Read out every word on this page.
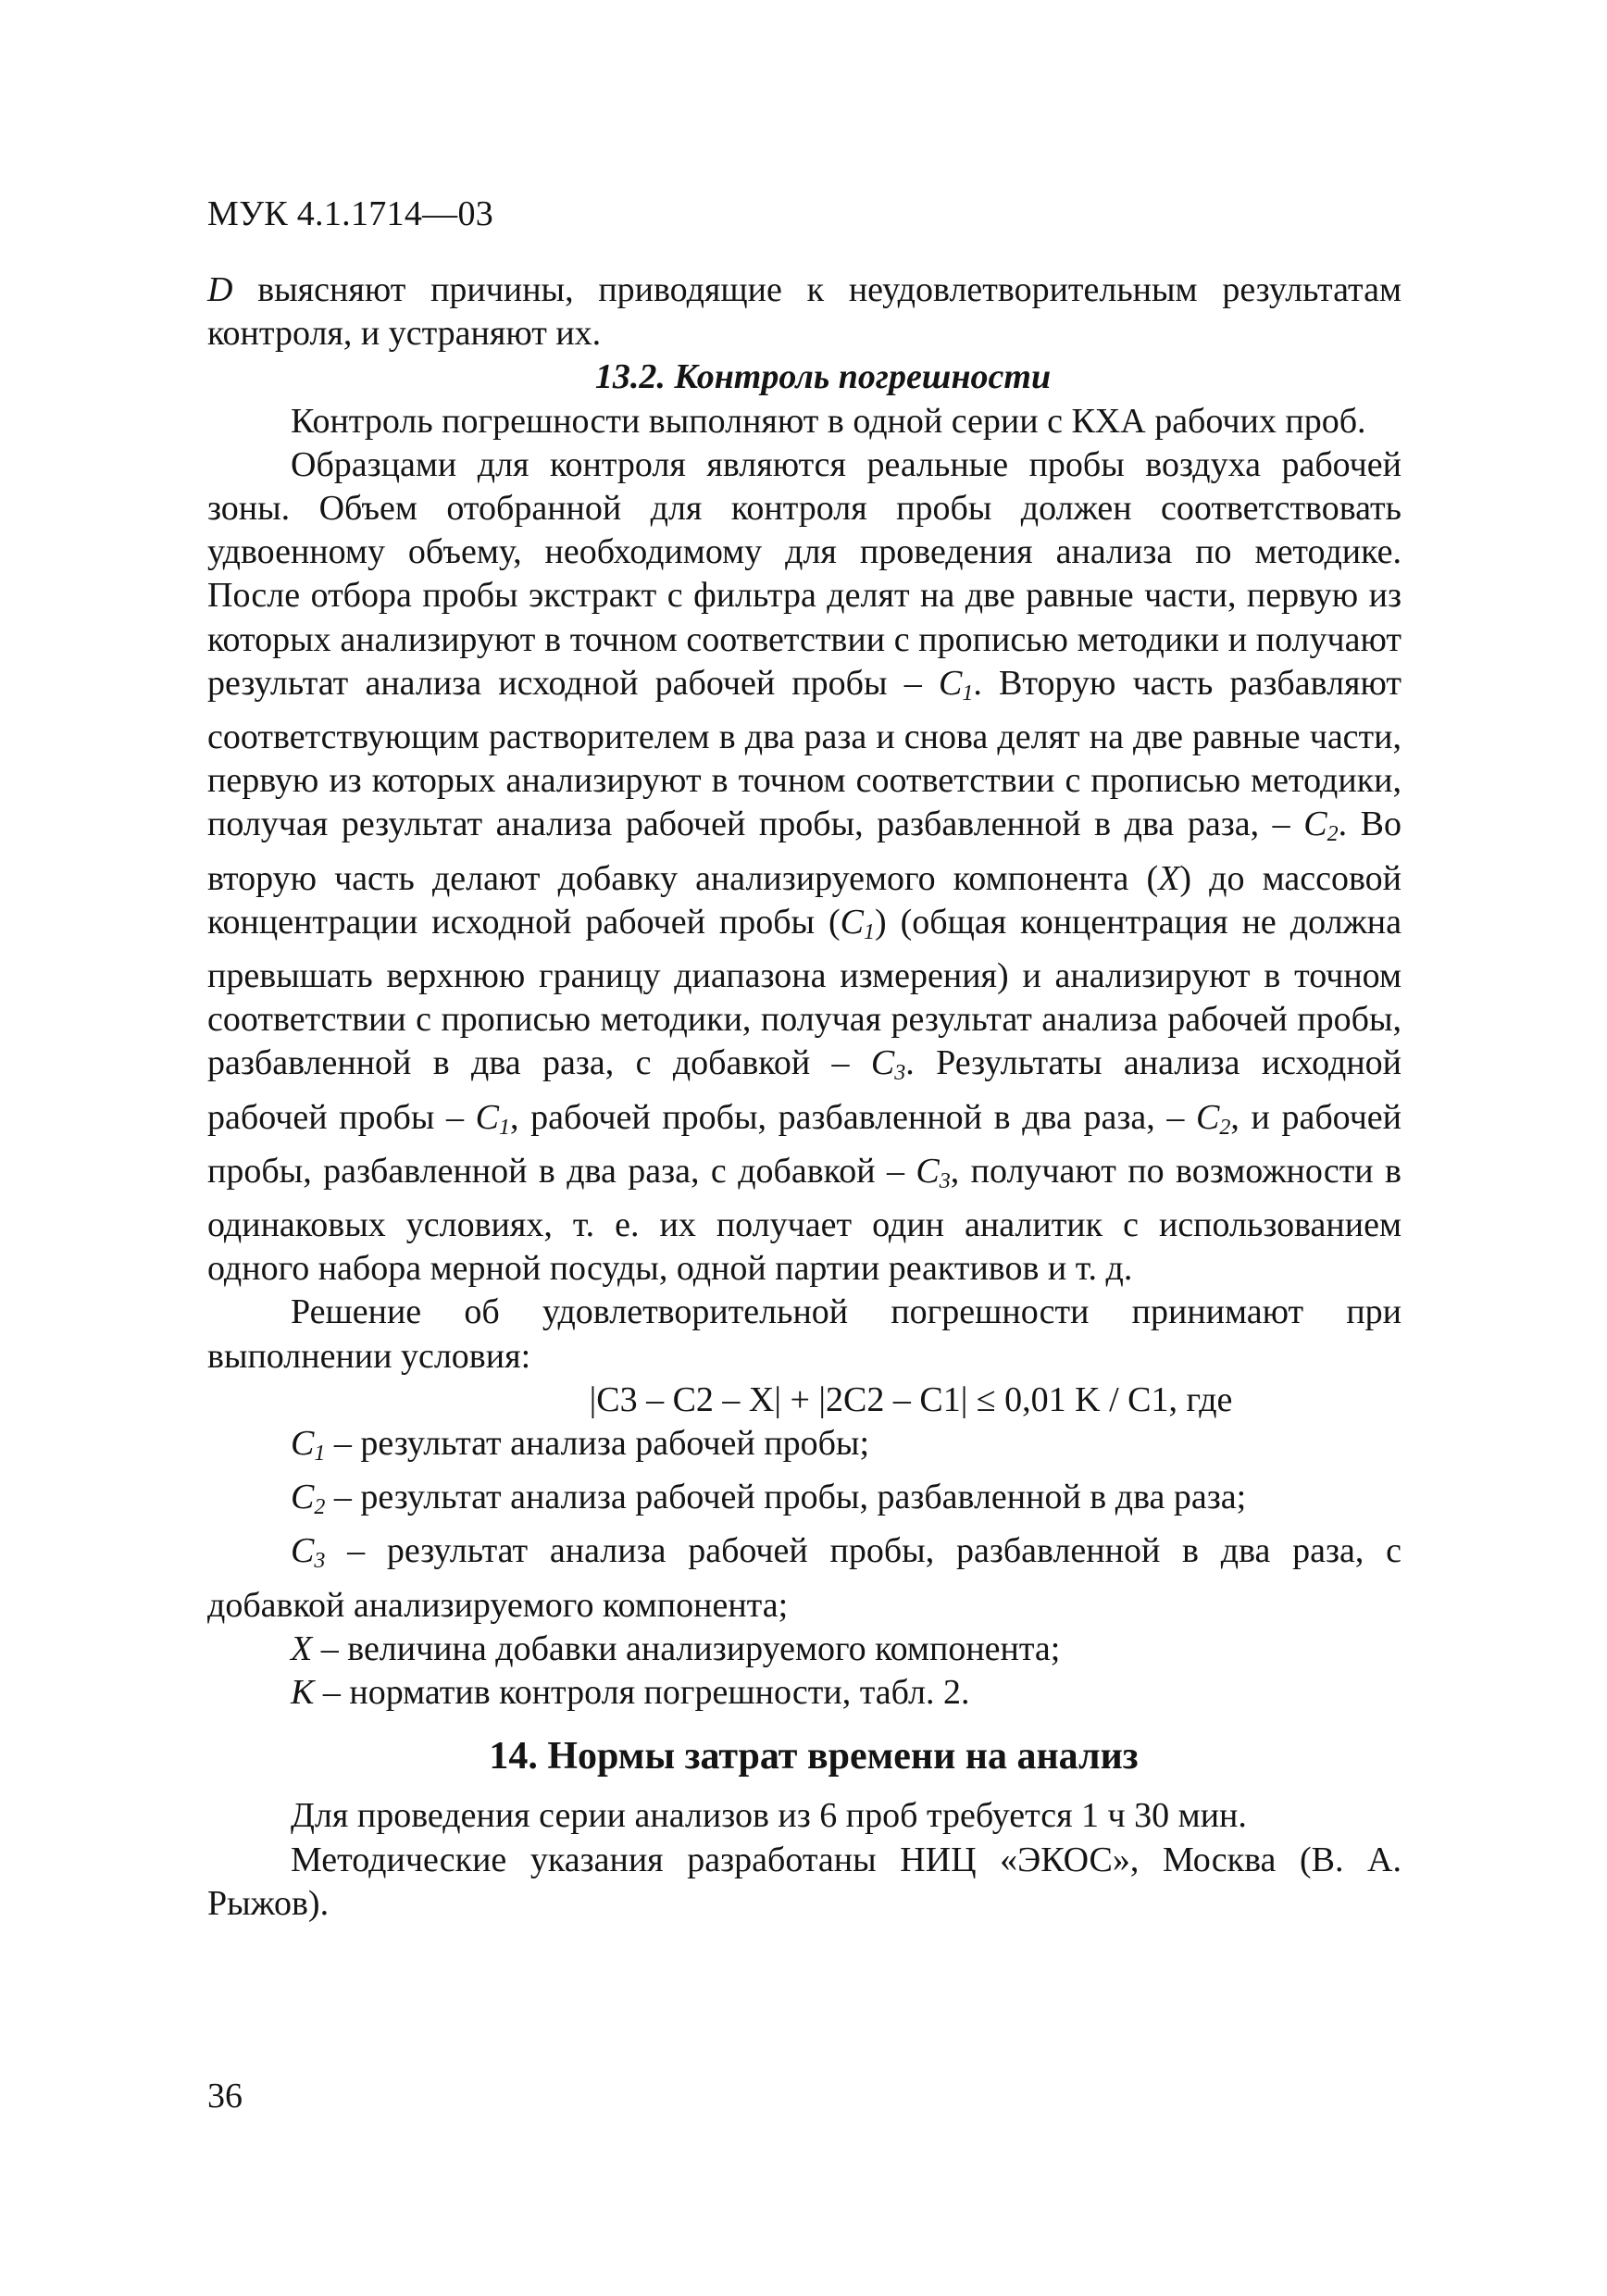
МУК 4.1.1714—03

D выясняют причины, приводящие к неудовлетворительным результатам контроля, и устраняют их.

13.2. Контроль погрешности

Контроль погрешности выполняют в одной серии с КХА рабочих проб.

Образцами для контроля являются реальные пробы воздуха рабочей зоны. Объем отобранной для контроля пробы должен соответствовать удвоенному объему, необходимому для проведения анализа по методике. После отбора пробы экстракт с фильтра делят на две равные части, первую из которых анализируют в точном соответствии с прописью методики и получают результат анализа исходной рабочей пробы – $C_1$. Вторую часть разбавляют соответствующим растворителем в два раза и снова делят на две равные части, первую из которых анализируют в точном соответствии с прописью методики, получая результат анализа рабочей пробы, разбавленной в два раза, – $C_2$. Во вторую часть делают добавку анализируемого компонента (X) до массовой концентрации исходной рабочей пробы $(C_1)$ (общая концентрация не должна превышать верхнюю границу диапазона измерения) и анализируют в точном соответствии с прописью методики, получая результат анализа рабочей пробы, разбавленной в два раза, с добавкой – $C_3$. Результаты анализа исходной рабочей пробы – $C_1$, рабочей пробы, разбавленной в два раза, – $C_2$, и рабочей пробы, разбавленной в два раза, с добавкой – $C_3$, получают по возможности в одинаковых условиях, т. е. их получает один аналитик с использованием одного набора мерной посуды, одной партии реактивов и т. д.

Решение об удовлетворительной погрешности принимают при выполнении условия:

|C3 – C2 – X| + |2C2 – C1| ≤ 0,01 K / C1, где

$C_1$ – результат анализа рабочей пробы;

$C_2$ – результат анализа рабочей пробы, разбавленной в два раза;

$C_3$ – результат анализа рабочей пробы, разбавленной в два раза, с добавкой анализируемого компонента;

X – величина добавки анализируемого компонента;

K – норматив контроля погрешности, табл. 2.

14. Нормы затрат времени на анализ

Для проведения серии анализов из 6 проб требуется 1 ч 30 мин.

Методические указания разработаны НИЦ «ЭКОС», Москва (В. А. Рыжов).

36
